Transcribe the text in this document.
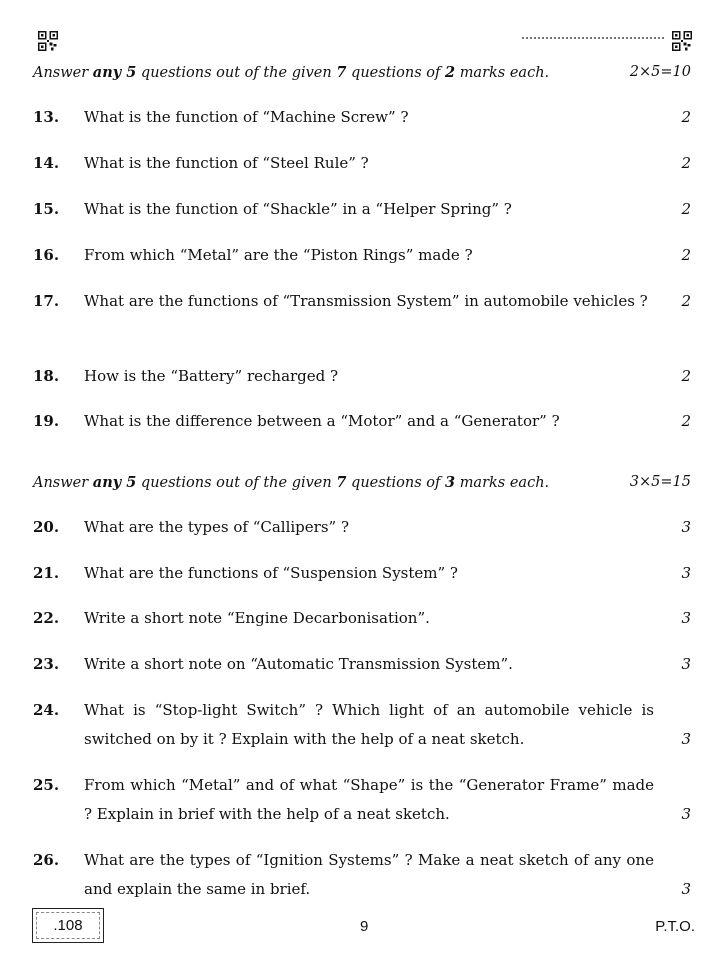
Answer any 5 questions out of the given 7 questions of 2 marks each.	2×5=10
13. What is the function of “Machine Screw” ?	2
14. What is the function of “Steel Rule” ?	2
15. What is the function of “Shackle” in a “Helper Spring” ?	2
16. From which “Metal” are the “Piston Rings” made ?	2
17. What are the functions of “Transmission System” in automobile vehicles ?	2
18. How is the “Battery” recharged ?	2
19. What is the difference between a “Motor” and a “Generator” ?	2
Answer any 5 questions out of the given 7 questions of 3 marks each.	3×5=15
20. What are the types of “Callipers” ?	3
21. What are the functions of “Suspension System” ?	3
22. Write a short note “Engine Decarbonisation”.	3
23. Write a short note on “Automatic Transmission System”.	3
24. What is “Stop-light Switch” ? Which light of an automobile vehicle is switched on by it ? Explain with the help of a neat sketch.	3
25. From which “Metal” and of what “Shape” is the “Generator Frame” made ? Explain in brief with the help of a neat sketch.	3
26. What are the types of “Ignition Systems” ? Make a neat sketch of any one and explain the same in brief.	3
.108	9	P.T.O.
